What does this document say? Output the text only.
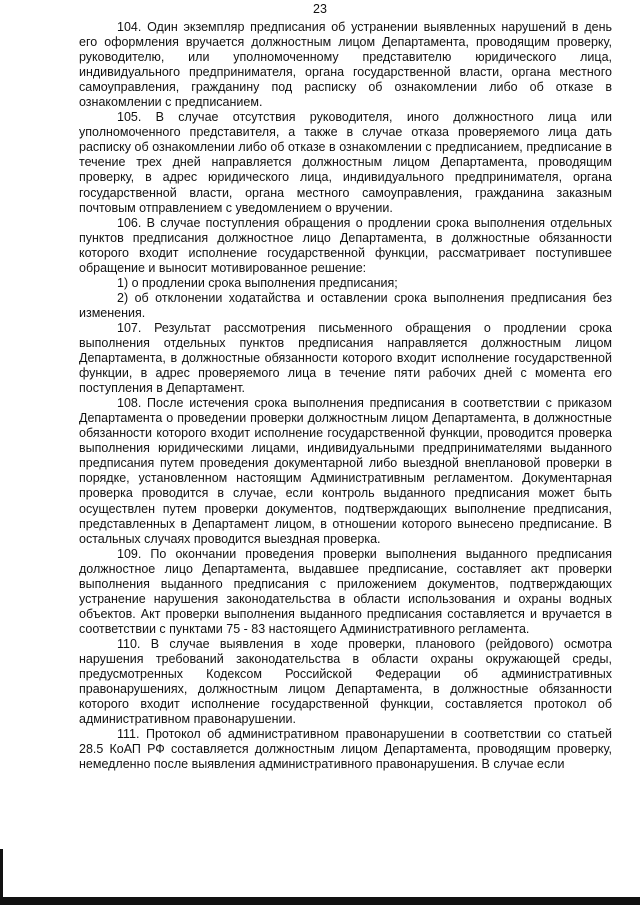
23

104. Один экземпляр предписания об устранении выявленных нарушений в день его оформления вручается должностным лицом Департамента, проводящим проверку, руководителю, или уполномоченному представителю юридического лица, индивидуального предпринимателя, органа государственной власти, органа местного самоуправления, гражданину под расписку об ознакомлении либо об отказе в ознакомлении с предписанием.

105. В случае отсутствия руководителя, иного должностного лица или уполномоченного представителя, а также в случае отказа проверяемого лица дать расписку об ознакомлении либо об отказе в ознакомлении с предписанием, предписание в течение трех дней направляется должностным лицом Департамента, проводящим проверку, в адрес юридического лица, индивидуального предпринимателя, органа государственной власти, органа местного самоуправления, гражданина заказным почтовым отправлением с уведомлением о вручении.

106. В случае поступления обращения о продлении срока выполнения отдельных пунктов предписания должностное лицо Департамента, в должностные обязанности которого входит исполнение государственной функции, рассматривает поступившее обращение и выносит мотивированное решение:

1) о продлении срока выполнения предписания;

2) об отклонении ходатайства и оставлении срока выполнения предписания без изменения.

107. Результат рассмотрения письменного обращения о продлении срока выполнения отдельных пунктов предписания направляется должностным лицом Департамента, в должностные обязанности которого входит исполнение государственной функции, в адрес проверяемого лица в течение пяти рабочих дней с момента его поступления в Департамент.

108. После истечения срока выполнения предписания в соответствии с приказом Департамента о проведении проверки должностным лицом Департамента, в должностные обязанности которого входит исполнение государственной функции, проводится проверка выполнения юридическими лицами, индивидуальными предпринимателями выданного предписания путем проведения документарной либо выездной внеплановой проверки в порядке, установленном настоящим Административным регламентом. Документарная проверка проводится в случае, если контроль выданного предписания может быть осуществлен путем проверки документов, подтверждающих выполнение предписания, представленных в Департамент лицом, в отношении которого вынесено предписание. В остальных случаях проводится выездная проверка.

109. По окончании проведения проверки выполнения выданного предписания должностное лицо Департамента, выдавшее предписание, составляет акт проверки выполнения выданного предписания с приложением документов, подтверждающих устранение нарушения законодательства в области использования и охраны водных объектов. Акт проверки выполнения выданного предписания составляется и вручается в соответствии с пунктами 75 - 83 настоящего Административного регламента.

110. В случае выявления в ходе проверки, планового (рейдового) осмотра нарушения требований законодательства в области охраны окружающей среды, предусмотренных Кодексом Российской Федерации об административных правонарушениях, должностным лицом Департамента, в должностные обязанности которого входит исполнение государственной функции, составляется протокол об административном правонарушении.

111. Протокол об административном правонарушении в соответствии со статьей 28.5 КоАП РФ составляется должностным лицом Департамента, проводящим проверку, немедленно после выявления административного правонарушения. В случае если
